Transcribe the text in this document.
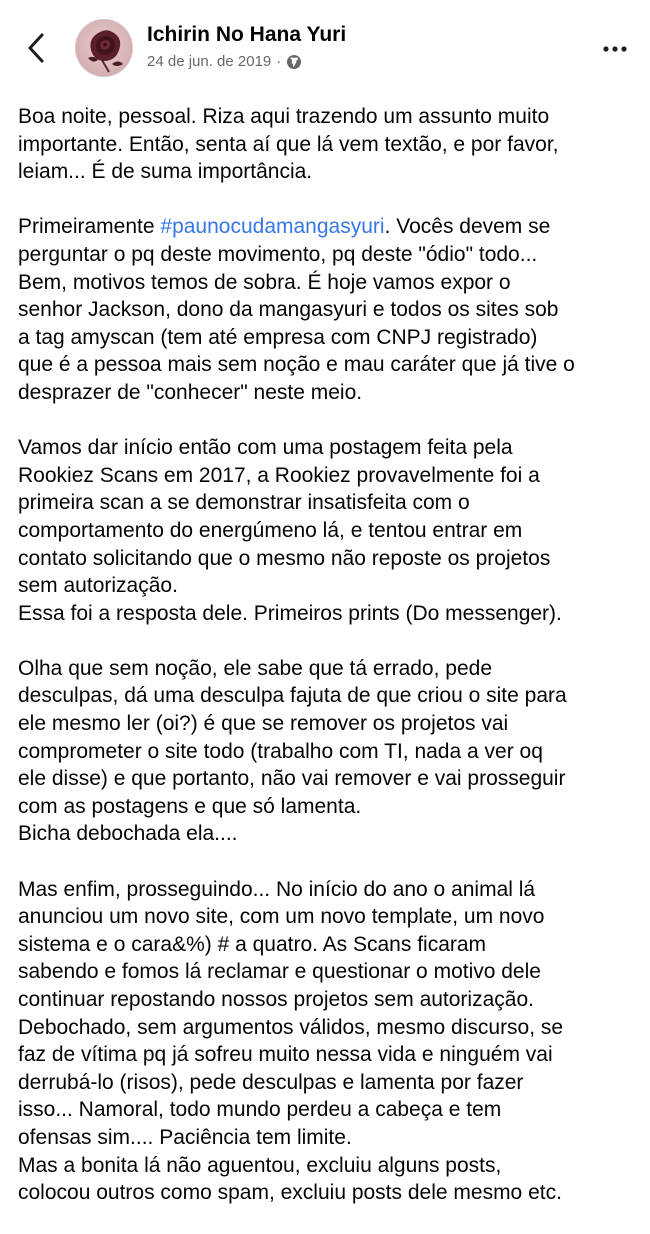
Ichirin No Hana Yuri
24 de jun. de 2019 ·

Boa noite, pessoal. Riza aqui trazendo um assunto muito
importante. Então, senta aí que lá vem textão, e por favor,
leiam... É de suma importância.

Primeiramente #paunocudamangasyuri. Vocês devem se
perguntar o pq deste movimento, pq deste "ódio" todo...
Bem, motivos temos de sobra. É hoje vamos expor o
senhor Jackson, dono da mangasyuri e todos os sites sob
a tag amyscan (tem até empresa com CNPJ registrado)
que é a pessoa mais sem noção e mau caráter que já tive o
desprazer de "conhecer" neste meio.

Vamos dar início então com uma postagem feita pela
Rookiez Scans em 2017, a Rookiez provavelmente foi a
primeira scan a se demonstrar insatisfeita com o
comportamento do energúmeno lá, e tentou entrar em
contato solicitando que o mesmo não reposte os projetos
sem autorização.
Essa foi a resposta dele. Primeiros prints (Do messenger).

Olha que sem noção, ele sabe que tá errado, pede
desculpas, dá uma desculpa fajuta de que criou o site para
ele mesmo ler (oi?) é que se remover os projetos vai
comprometer o site todo (trabalho com TI, nada a ver oq
ele disse) e que portanto, não vai remover e vai prosseguir
com as postagens e que só lamenta.
Bicha debochada ela....

Mas enfim, prosseguindo... No início do ano o animal lá
anunciou um novo site, com um novo template, um novo
sistema e o cara&%) # a quatro. As Scans ficaram
sabendo e fomos lá reclamar e questionar o motivo dele
continuar repostando nossos projetos sem autorização.
Debochado, sem argumentos válidos, mesmo discurso, se
faz de vítima pq já sofreu muito nessa vida e ninguém vai
derrubá-lo (risos), pede desculpas e lamenta por fazer
isso... Namoral, todo mundo perdeu a cabeça e tem
ofensas sim.... Paciência tem limite.
Mas a bonita lá não aguentou, excluiu alguns posts,
colocou outros como spam, excluiu posts dele mesmo etc.
